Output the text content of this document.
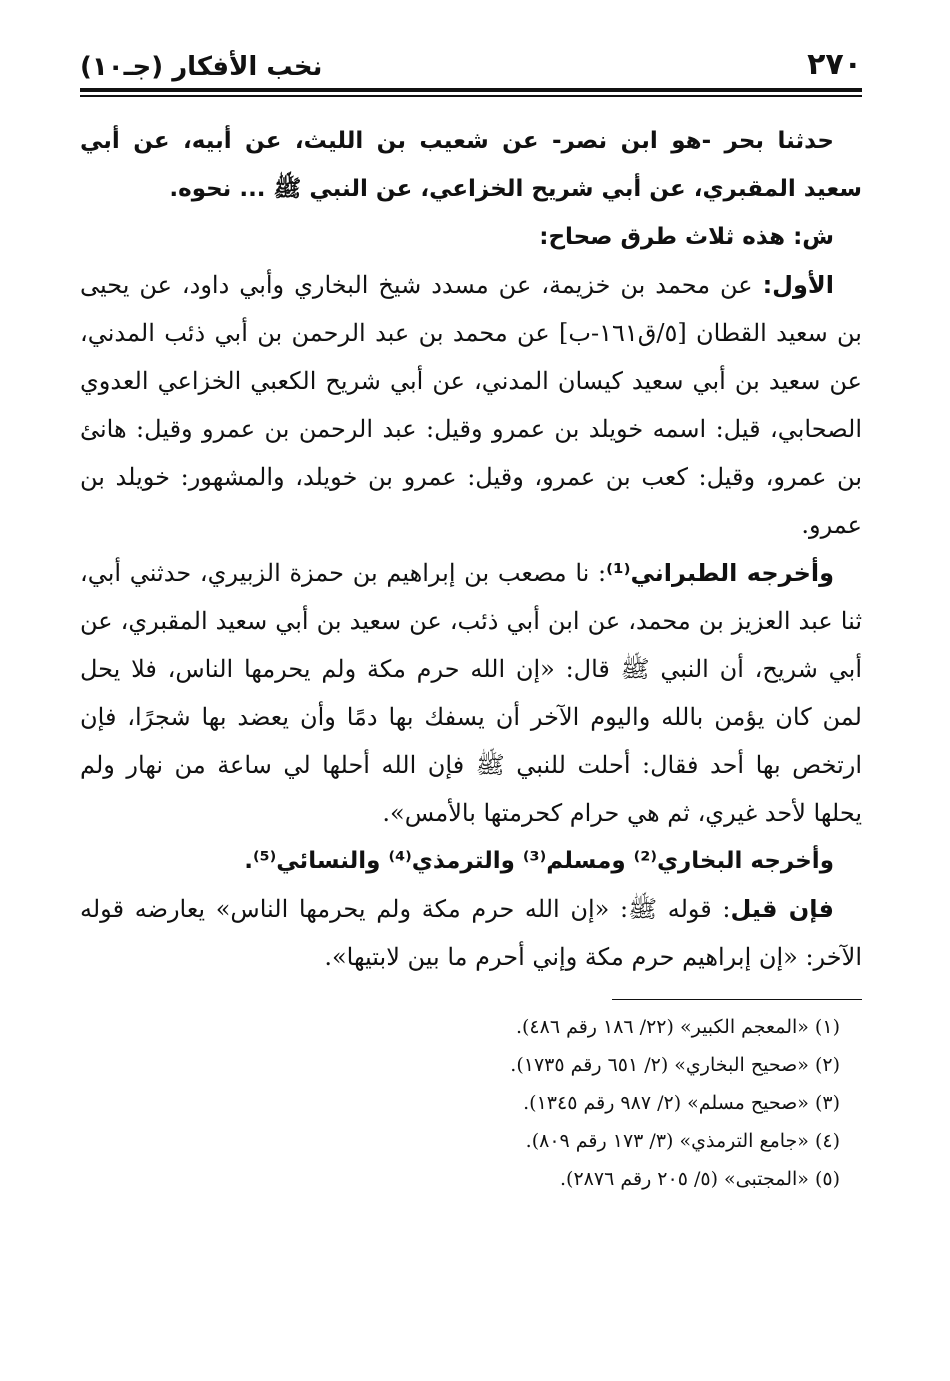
٢٧٠
نخب الأفكار (جـ١٠)

حدثنا بحر -هو ابن نصر- عن شعيب بن الليث، عن أبيه، عن أبي سعيد المقبري، عن أبي شريح الخزاعي، عن النبي ﷺ ... نحوه.

ش: هذه ثلاث طرق صحاح:

الأول: عن محمد بن خزيمة، عن مسدد شيخ البخاري وأبي داود، عن يحيى بن سعيد القطان [٥/ق١٦١-ب] عن محمد بن عبد الرحمن بن أبي ذئب المدني، عن سعيد بن أبي سعيد كيسان المدني، عن أبي شريح الكعبي الخزاعي العدوي الصحابي، قيل: اسمه خويلد بن عمرو وقيل: عبد الرحمن بن عمرو وقيل: هانئ بن عمرو، وقيل: كعب بن عمرو، وقيل: عمرو بن خويلد، والمشهور: خويلد بن عمرو.

وأخرجه الطبراني⁽¹⁾: نا مصعب بن إبراهيم بن حمزة الزبيري، حدثني أبي، ثنا عبد العزيز بن محمد، عن ابن أبي ذئب، عن سعيد بن أبي سعيد المقبري، عن أبي شريح، أن النبي ﷺ قال: «إن الله حرم مكة ولم يحرمها الناس، فلا يحل لمن كان يؤمن بالله واليوم الآخر أن يسفك بها دمًا وأن يعضد بها شجرًا، فإن ارتخص بها أحد فقال: أحلت للنبي ﷺ فإن الله أحلها لي ساعة من نهار ولم يحلها لأحد غيري، ثم هي حرام كحرمتها بالأمس».

وأخرجه البخاري⁽²⁾ ومسلم⁽³⁾ والترمذي⁽⁴⁾ والنسائي⁽⁵⁾.

فإن قيل: قوله ﷺ: «إن الله حرم مكة ولم يحرمها الناس» يعارضه قوله الآخر: «إن إبراهيم حرم مكة وإني أحرم ما بين لابتيها».

(١) «المعجم الكبير» (٢٢/ ١٨٦ رقم ٤٨٦).

(٢) «صحيح البخاري» (٢/ ٦٥١ رقم ١٧٣٥).

(٣) «صحيح مسلم» (٢/ ٩٨٧ رقم ١٣٤٥).

(٤) «جامع الترمذي» (٣/ ١٧٣ رقم ٨٠٩).

(٥) «المجتبى» (٥/ ٢٠٥ رقم ٢٨٧٦).
